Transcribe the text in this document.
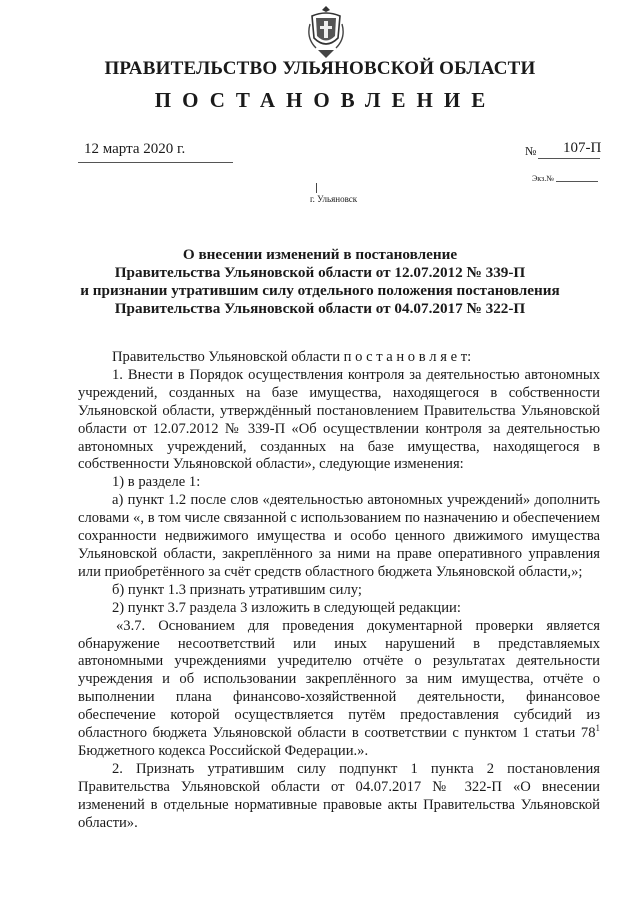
ПРАВИТЕЛЬСТВО УЛЬЯНОВСКОЙ ОБЛАСТИ
ПОСТАНОВЛЕНИЕ
12 марта 2020 г.	№ 107-П
Экз.№
г. Ульяновск
О внесении изменений в постановление
Правительства Ульяновской области от 12.07.2012 № 339-П
и признании утратившим силу отдельного положения постановления
Правительства Ульяновской области от 04.07.2017 № 322-П

Правительство Ульяновской области п о с т а н о в л я е т:

1. Внести в Порядок осуществления контроля за деятельностью автономных учреждений, созданных на базе имущества, находящегося в собственности Ульяновской области, утверждённый постановлением Правительства Ульяновской области от 12.07.2012 № 339-П «Об осуществлении контроля за деятельностью автономных учреждений, созданных на базе имущества, находящегося в собственности Ульяновской области», следующие изменения:

1) в разделе 1:

а) пункт 1.2 после слов «деятельностью автономных учреждений» дополнить словами «, в том числе связанной с использованием по назначению и обеспечением сохранности недвижимого имущества и особо ценного движимого имущества Ульяновской области, закреплённого за ними на праве оперативного управления или приобретённого за счёт средств областного бюджета Ульяновской области,»;

б) пункт 1.3 признать утратившим силу;

2) пункт 3.7 раздела 3 изложить в следующей редакции:

«3.7. Основанием для проведения документарной проверки является обнаружение несоответствий или иных нарушений в представляемых автономными учреждениями учредителю отчёте о результатах деятельности учреждения и об использовании закреплённого за ним имущества, отчёте о выполнении плана финансово-хозяйственной деятельности, финансовое обеспечение которой осуществляется путём предоставления субсидий из областного бюджета Ульяновской области в соответствии с пунктом 1 статьи $78^1$ Бюджетного кодекса Российской Федерации.».

2. Признать утратившим силу подпункт 1 пункта 2 постановления Правительства Ульяновской области от 04.07.2017 № 322-П «О внесении изменений в отдельные нормативные правовые акты Правительства Ульяновской области».
